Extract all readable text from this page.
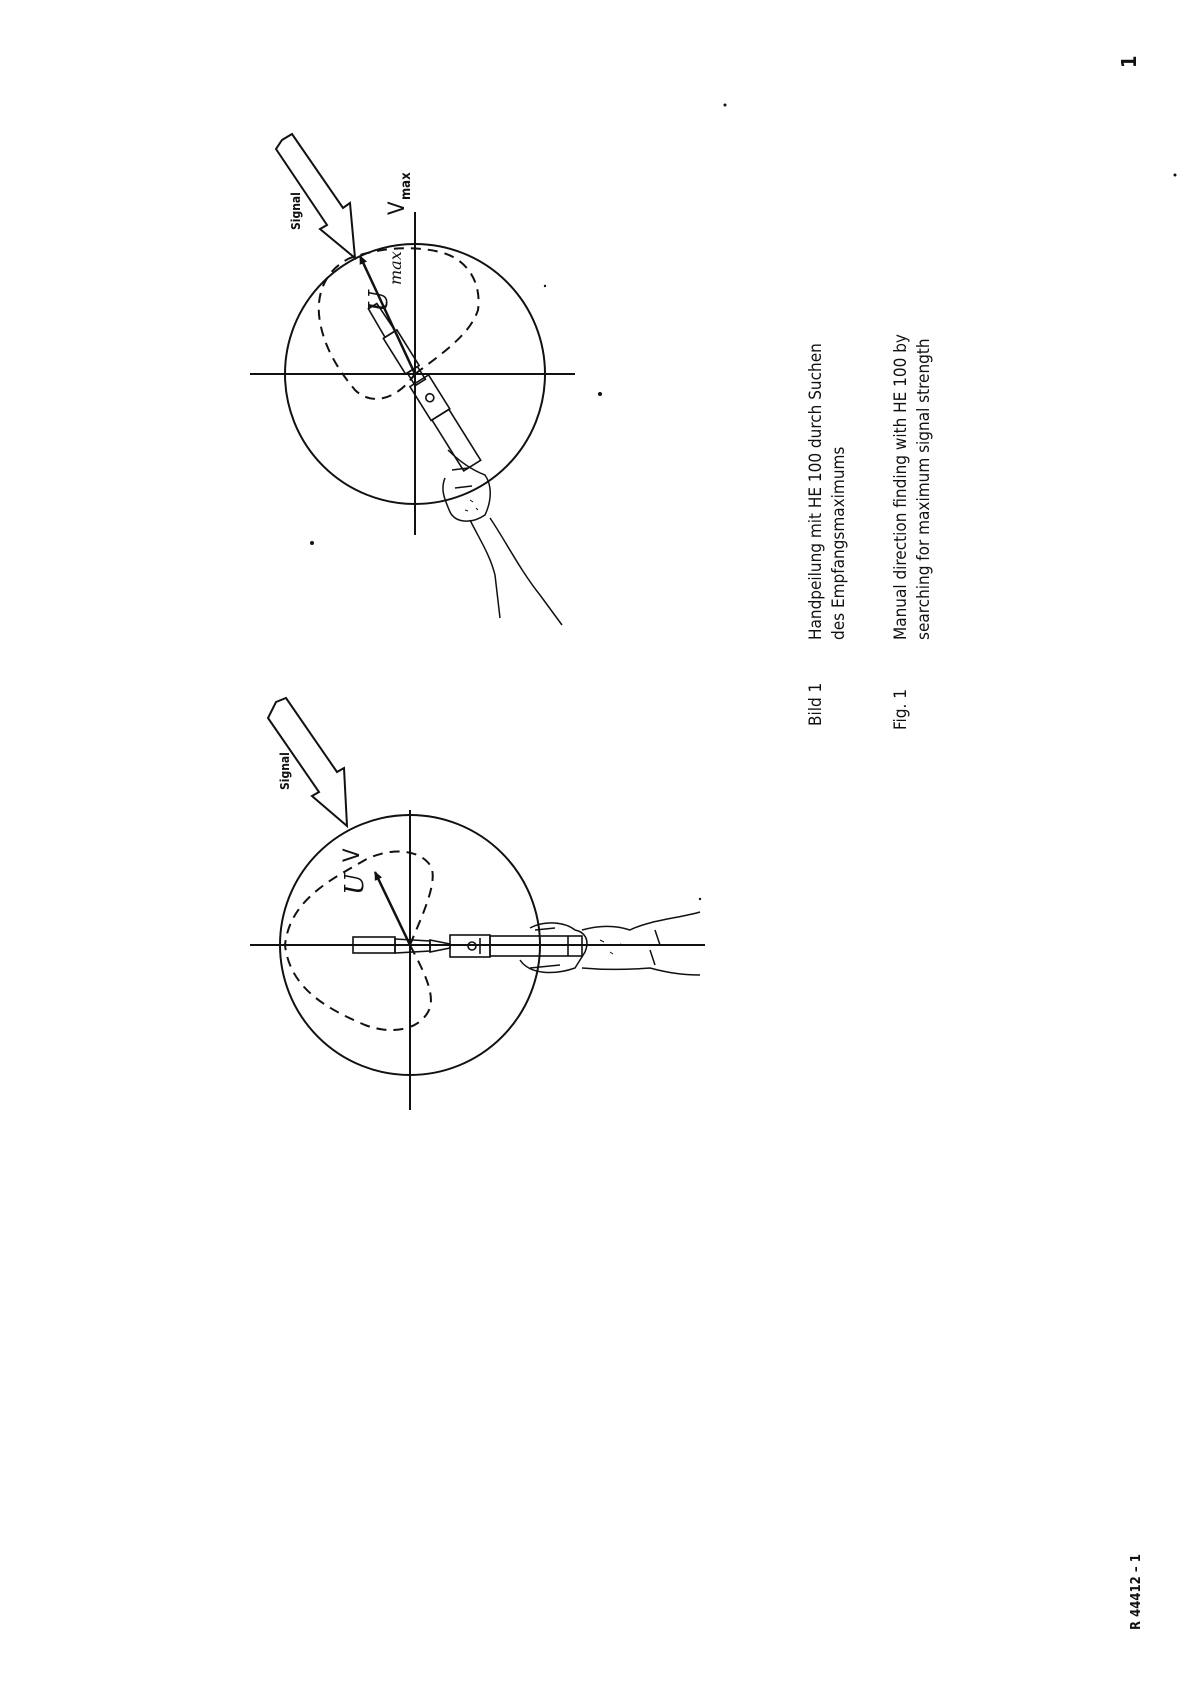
Signal
U
V
Signal
U
max
V
max
Bild 1
Handpeilung mit HE 100 durch Suchen des Empfangsmaximums
Fig. 1
Manual direction finding with HE 100 by searching for maximum signal strength
1
R 44412 – 1
